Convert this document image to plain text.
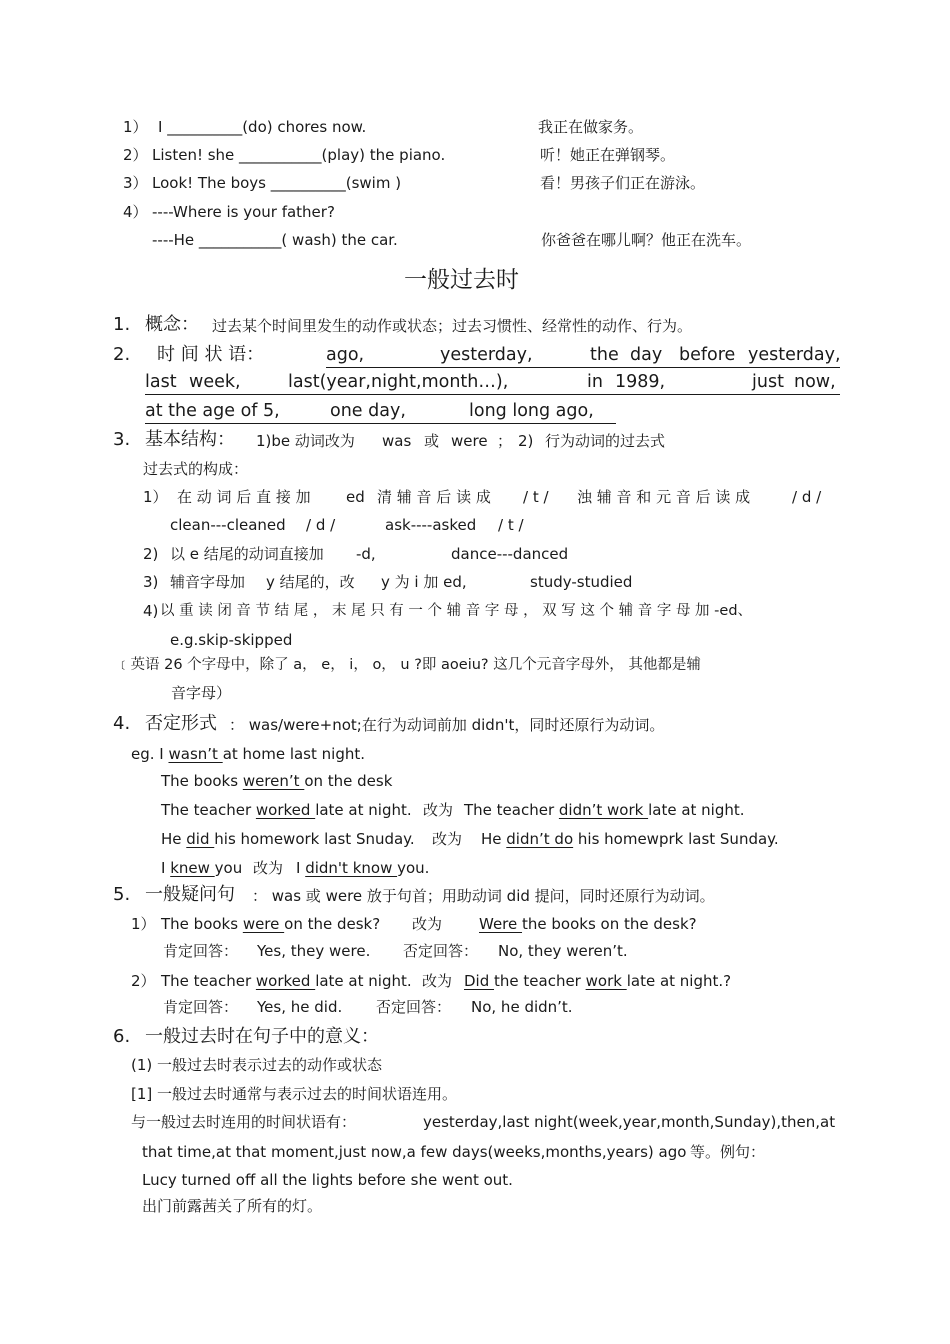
1） I __________(do) chores now.	我正在做家务。
2） Listen! she ___________(play) the piano.	听！她正在弹钢琴。
3） Look! The boys __________(swim )	看！男孩子们正在游泳。
4） ----Where is your father?
----He ___________( wash) the car.	你爸爸在哪儿啊？他正在洗车。
一般过去时
1. 概念： 过去某个时间里发生的动作或状态；过去习惯性、经常性的动作、行为。
2. 时 间 状 语：	ago,	yesterday,	the day before yesterday,
last week,	last(year,night,month…),	in 1989,	just now,
at the age of 5,	one day,	long long ago,
3. 基本结构： 1)be 动词改为 was 或 were ； 2) 行为动词的过去式
过去式的构成：
1） 在 动 词 后 直 接 加 ed 清 辅 音 后 读 成 / t / 浊 辅 音 和 元 音 后 读 成	/ d /
clean---cleaned / d /	ask----asked / t /
2) 以 e 结尾的动词直接加 -d,	dance---danced
3) 辅音字母加 y 结尾的，改 y 为 i 加 ed,	study-studied
4) 以 重 读 闭 音 节 结 尾 ， 末 尾 只 有 一 个 辅 音 字 母 ， 双 写 这 个 辅 音 字 母 加 -ed、
e.g.skip-skipped
﹝英语 26 个字母中，除了 a， e， i， o， u ?即 aoeiu? 这几个元音字母外， 其他都是辅
音字母）
4. 否定形式 ： was/were+not;在行为动词前加 didn't，同时还原行为动词。
eg. I wasn’t at home last night.
The books weren’t on the desk
The teacher worked late at night. 改为 The teacher didn’t work late at night.
He did his homework last Snuday. 改为 He didn’t do his homewprk last Sunday.
I knew you 改为 I didn't know you.
5. 一般疑问句 ： was 或 were 放于句首；用助动词 did 提问，同时还原行为动词。
1） The books were on the desk? 改为 Were the books on the desk?
肯定回答： Yes, they were. 否定回答： No, they weren’t.
2） The teacher worked late at night. 改为 Did the teacher work late at night.?
肯定回答： Yes, he did. 否定回答： No, he didn’t.
6. 一般过去时在句子中的意义：
(1) 一般过去时表示过去的动作或状态
[1] 一般过去时通常与表示过去的时间状语连用。
与一般过去时连用的时间状语有：	yesterday,last night(week,year,month,Sunday),then,at
that time,at that moment,just now,a few days(weeks,months,years) ago 等。例句：
Lucy turned off all the lights before she went out.
出门前露茜关了所有的灯。
